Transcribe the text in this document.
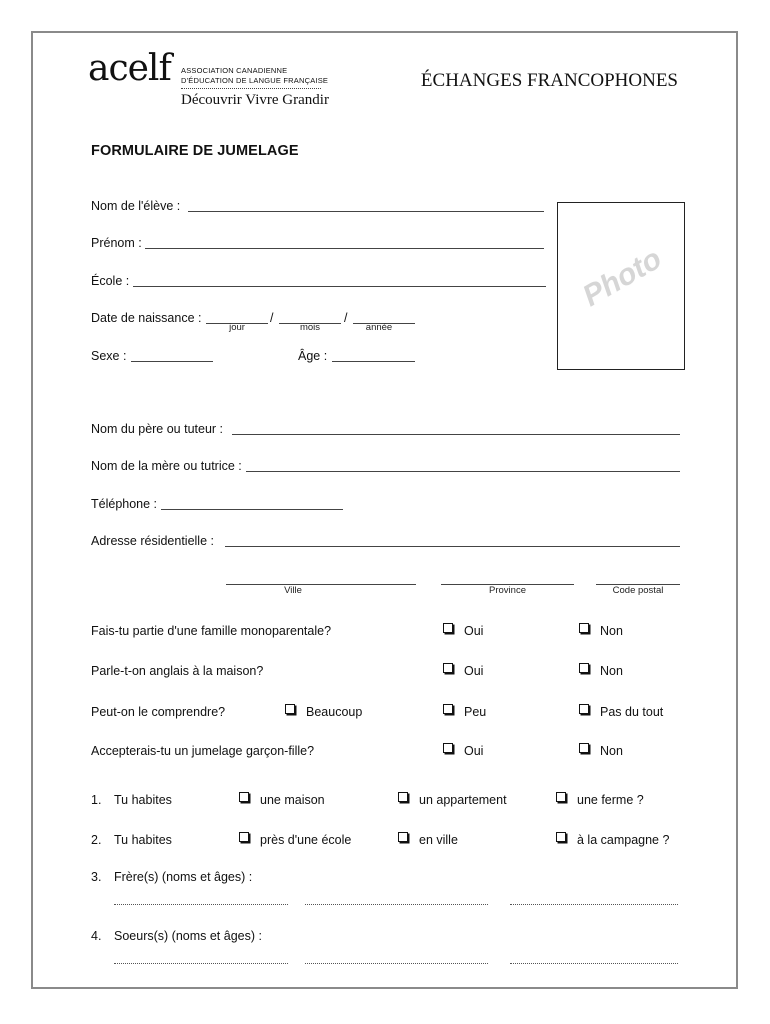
acelf ASSOCIATION CANADIENNE
D'ÉDUCATION DE LANGUE FRANÇAISE
Découvrir Vivre Grandir
ÉCHANGES FRANCOPHONES
FORMULAIRE DE JUMELAGE
Photo
Nom de l'élève :
Prénom :
École :
Date de naissance :	/	/
jour	mois	année
Sexe :	Âge :
Nom du père ou tuteur :
Nom de la mère ou tutrice :
Téléphone :
Adresse résidentielle :
Ville	Province	Code postal
Fais-tu partie d'une famille monoparentale?	Oui	Non
Parle-t-on anglais à la maison?	Oui	Non
Peut-on le comprendre?	Beaucoup	Peu	Pas du tout
Accepterais-tu un jumelage garçon-fille?	Oui	Non
1. Tu habites	une maison	un appartement	une ferme ?
2. Tu habites	près d'une école	en ville	à la campagne ?
3. Frère(s) (noms et âges) :
4. Soeurs(s) (noms et âges) :
